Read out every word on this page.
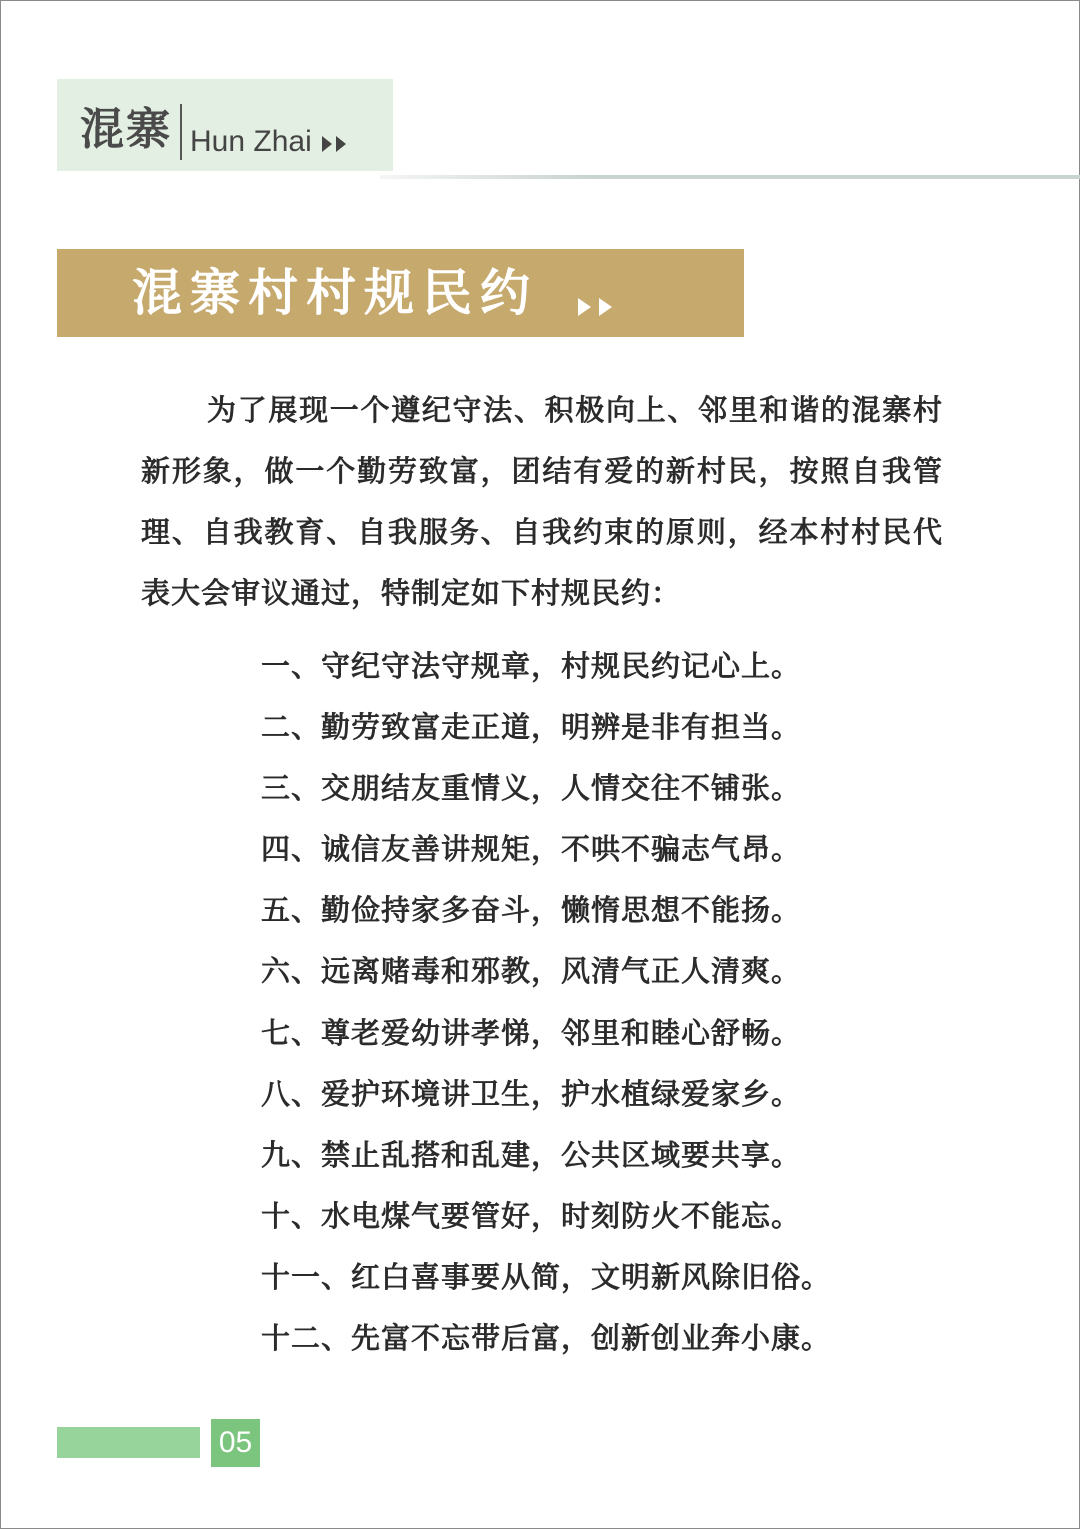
混寨 Hun Zhai
混寨村村规民约

为了展现一个遵纪守法、积极向上、邻里和谐的混寨村新形象，做一个勤劳致富，团结有爱的新村民，按照自我管理、自我教育、自我服务、自我约束的原则，经本村村民代表大会审议通过，特制定如下村规民约：

一、守纪守法守规章，村规民约记心上。
二、勤劳致富走正道，明辨是非有担当。
三、交朋结友重情义，人情交往不铺张。
四、诚信友善讲规矩，不哄不骗志气昂。
五、勤俭持家多奋斗，懒惰思想不能扬。
六、远离赌毒和邪教，风清气正人清爽。
七、尊老爱幼讲孝悌，邻里和睦心舒畅。
八、爱护环境讲卫生，护水植绿爱家乡。
九、禁止乱搭和乱建，公共区域要共享。
十、水电煤气要管好，时刻防火不能忘。
十一、红白喜事要从简，文明新风除旧俗。
十二、先富不忘带后富，创新创业奔小康。
05
